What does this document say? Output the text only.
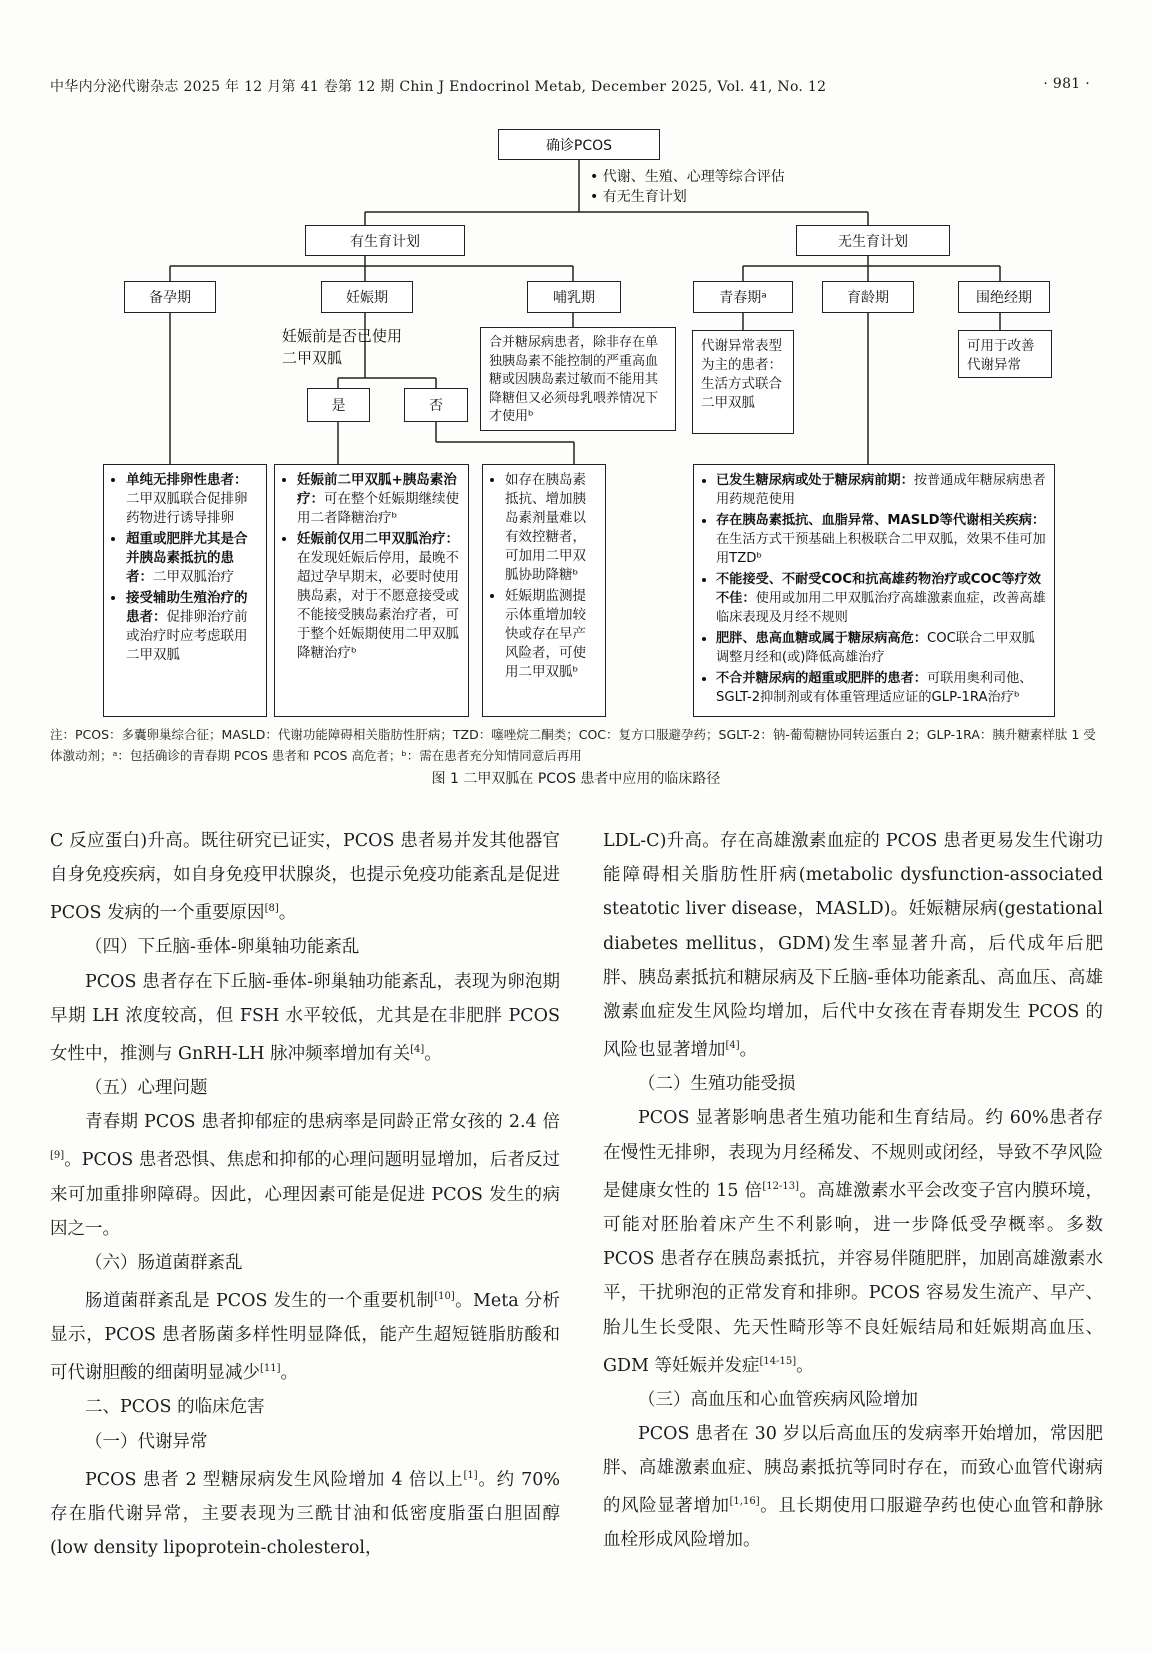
中华内分泌代谢杂志 2025 年 12 月第 41 卷第 12 期 Chin J Endocrinol Metab, December 2025, Vol. 41, No. 12	· 981 ·
确诊PCOS
• 代谢、生殖、心理等综合评估
• 有无生育计划
有生育计划	无生育计划
备孕期	妊娠期	哺乳期	青春期ᵃ	育龄期	围绝经期
妊娠前是否已使用二甲双胍
是	否
合并糖尿病患者，除非存在单独胰岛素不能控制的严重高血糖或因胰岛素过敏而不能用其降糖但又必须母乳喂养情况下才使用ᵇ
代谢异常表型为主的患者：生活方式联合二甲双胍
可用于改善代谢异常
• 单纯无排卵性患者：二甲双胍联合促排卵药物进行诱导排卵
• 超重或肥胖尤其是合并胰岛素抵抗的患者：二甲双胍治疗
• 接受辅助生殖治疗的患者：促排卵治疗前或治疗时应考虑联用二甲双胍
• 妊娠前二甲双胍+胰岛素治疗：可在整个妊娠期继续使用二者降糖治疗ᵇ
• 妊娠前仅用二甲双胍治疗：在发现妊娠后停用，最晚不超过孕早期末，必要时使用胰岛素，对于不愿意接受或不能接受胰岛素治疗者，可于整个妊娠期使用二甲双胍降糖治疗ᵇ
• 如存在胰岛素抵抗、增加胰岛素剂量难以有效控糖者，可加用二甲双胍协助降糖ᵇ
• 妊娠期监测提示体重增加较快或存在早产风险者，可使用二甲双胍ᵇ
• 已发生糖尿病或处于糖尿病前期：按普通成年糖尿病患者用药规范使用
• 存在胰岛素抵抗、血脂异常、MASLD等代谢相关疾病：在生活方式干预基础上积极联合二甲双胍，效果不佳可加用TZDᵇ
• 不能接受、不耐受COC和抗高雄药物治疗或COC等疗效不佳：使用或加用二甲双胍治疗高雄激素血症，改善高雄临床表现及月经不规则
• 肥胖、患高血糖或属于糖尿病高危：COC联合二甲双胍调整月经和(或)降低高雄治疗
• 不合并糖尿病的超重或肥胖的患者：可联用奥利司他、SGLT-2抑制剂或有体重管理适应证的GLP-1RA治疗ᵇ
注：PCOS：多囊卵巢综合征；MASLD：代谢功能障碍相关脂肪性肝病；TZD：噻唑烷二酮类；COC：复方口服避孕药；SGLT-2：钠-葡萄糖协同转运蛋白 2；GLP-1RA：胰升糖素样肽 1 受体激动剂；ᵃ：包括确诊的青春期 PCOS 患者和 PCOS 高危者；ᵇ：需在患者充分知情同意后再用
图 1 二甲双胍在 PCOS 患者中应用的临床路径

C 反应蛋白)升高。既往研究已证实，PCOS 患者易并发其他器官自身免疫疾病，如自身免疫甲状腺炎，也提示免疫功能紊乱是促进 PCOS 发病的一个重要原因[8]。

（四）下丘脑-垂体-卵巢轴功能紊乱

PCOS 患者存在下丘脑-垂体-卵巢轴功能紊乱，表现为卵泡期早期 LH 浓度较高，但 FSH 水平较低，尤其是在非肥胖 PCOS 女性中，推测与 GnRH-LH 脉冲频率增加有关[4]。

（五）心理问题

青春期 PCOS 患者抑郁症的患病率是同龄正常女孩的 2.4 倍[9]。PCOS 患者恐惧、焦虑和抑郁的心理问题明显增加，后者反过来可加重排卵障碍。因此，心理因素可能是促进 PCOS 发生的病因之一。

（六）肠道菌群紊乱

肠道菌群紊乱是 PCOS 发生的一个重要机制[10]。Meta 分析显示，PCOS 患者肠菌多样性明显降低，能产生超短链脂肪酸和可代谢胆酸的细菌明显减少[11]。

二、PCOS 的临床危害

（一）代谢异常

PCOS 患者 2 型糖尿病发生风险增加 4 倍以上[1]。约 70%存在脂代谢异常，主要表现为三酰甘油和低密度脂蛋白胆固醇(low density lipoprotein-cholesterol，

LDL-C)升高。存在高雄激素血症的 PCOS 患者更易发生代谢功能障碍相关脂肪性肝病(metabolic dysfunction-associated steatotic liver disease，MASLD)。妊娠糖尿病(gestational diabetes mellitus，GDM)发生率显著升高，后代成年后肥胖、胰岛素抵抗和糖尿病及下丘脑-垂体功能紊乱、高血压、高雄激素血症发生风险均增加，后代中女孩在青春期发生 PCOS 的风险也显著增加[4]。

（二）生殖功能受损

PCOS 显著影响患者生殖功能和生育结局。约 60%患者存在慢性无排卵，表现为月经稀发、不规则或闭经，导致不孕风险是健康女性的 15 倍[12-13]。高雄激素水平会改变子宫内膜环境，可能对胚胎着床产生不利影响，进一步降低受孕概率。多数 PCOS 患者存在胰岛素抵抗，并容易伴随肥胖，加剧高雄激素水平，干扰卵泡的正常发育和排卵。PCOS 容易发生流产、早产、胎儿生长受限、先天性畸形等不良妊娠结局和妊娠期高血压、GDM 等妊娠并发症[14-15]。

（三）高血压和心血管疾病风险增加

PCOS 患者在 30 岁以后高血压的发病率开始增加，常因肥胖、高雄激素血症、胰岛素抵抗等同时存在，而致心血管代谢病的风险显著增加[1,16]。且长期使用口服避孕药也使心血管和静脉血栓形成风险增加。
